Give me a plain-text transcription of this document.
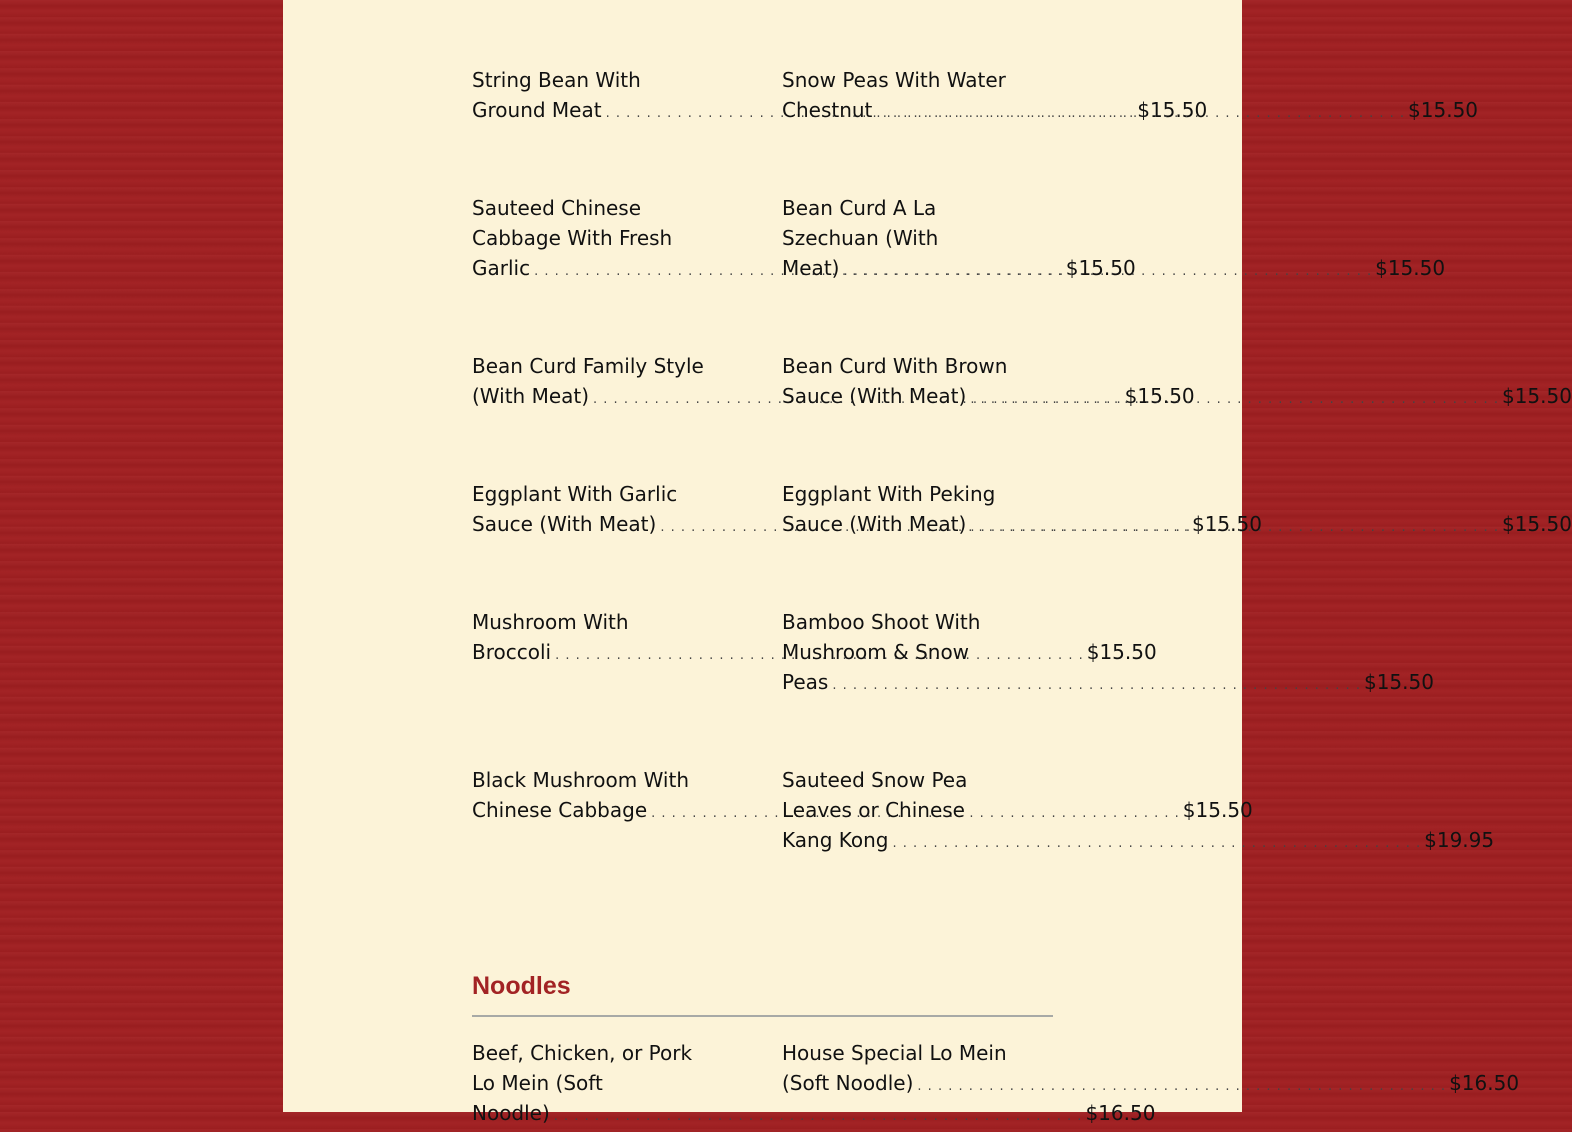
String Bean With
Ground Meat . . .	$15.50
Snow Peas With Water
Chestnut . . .	$15.50
Sauteed Chinese
Cabbage With Fresh
Garlic . . .	$15.50
Bean Curd A La
Szechuan (With
Meat) . . .	$15.50
Bean Curd Family Style
(With Meat) . . .	$15.50
Bean Curd With Brown
Sauce (With Meat) . . .	$15.50
Eggplant With Garlic
Sauce (With Meat) . . .	$15.50
Eggplant With Peking
Sauce (With Meat) . . .	$15.50
Mushroom With
Broccoli . . .	$15.50
Bamboo Shoot With
Mushroom & Snow
Peas . . .	$15.50
Black Mushroom With
Chinese Cabbage . . .	$15.50
Sauteed Snow Pea
Leaves or Chinese
Kang Kong . . .	$19.95
Noodles
Beef, Chicken, or Pork
Lo Mein (Soft
Noodle) . . .	$16.50
House Special Lo Mein
(Soft Noodle) . . .	$16.50
